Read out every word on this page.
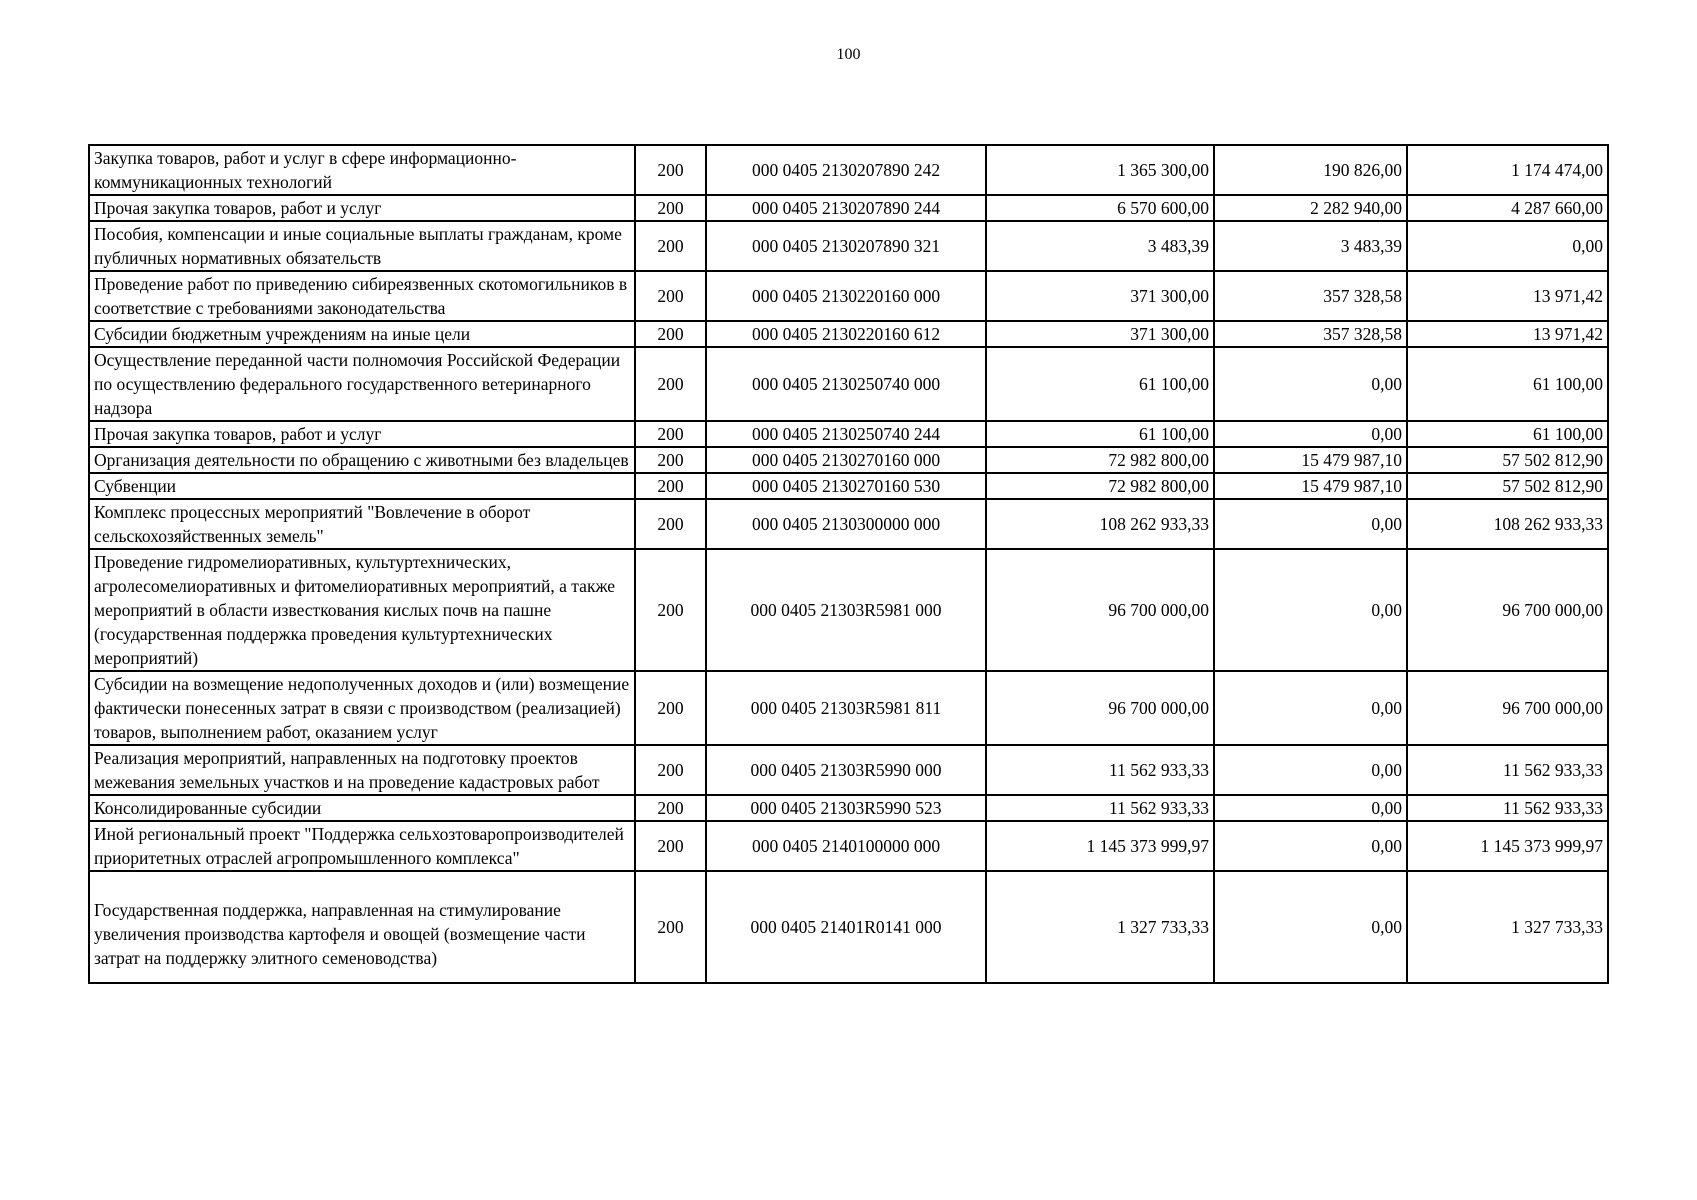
100
Закупка товаров, работ и услуг в сфере информационно-коммуникационных технологий	200	000 0405 2130207890 242	1 365 300,00	190 826,00	1 174 474,00
Прочая закупка товаров, работ и услуг	200	000 0405 2130207890 244	6 570 600,00	2 282 940,00	4 287 660,00
Пособия, компенсации и иные социальные выплаты гражданам, кроме публичных нормативных обязательств	200	000 0405 2130207890 321	3 483,39	3 483,39	0,00
Проведение работ по приведению сибиреязвенных скотомогильников в соответствие с требованиями законодательства	200	000 0405 2130220160 000	371 300,00	357 328,58	13 971,42
Субсидии бюджетным учреждениям на иные цели	200	000 0405 2130220160 612	371 300,00	357 328,58	13 971,42
Осуществление переданной части полномочия Российской Федерации по осуществлению федерального государственного ветеринарного надзора	200	000 0405 2130250740 000	61 100,00	0,00	61 100,00
Прочая закупка товаров, работ и услуг	200	000 0405 2130250740 244	61 100,00	0,00	61 100,00
Организация деятельности по обращению с животными без владельцев	200	000 0405 2130270160 000	72 982 800,00	15 479 987,10	57 502 812,90
Субвенции	200	000 0405 2130270160 530	72 982 800,00	15 479 987,10	57 502 812,90
Комплекс процессных мероприятий "Вовлечение в оборот сельскохозяйственных земель"	200	000 0405 2130300000 000	108 262 933,33	0,00	108 262 933,33
Проведение гидромелиоративных, культуртехнических, агролесомелиоративных и фитомелиоративных мероприятий, а также мероприятий в области известкования кислых почв на пашне (государственная поддержка проведения культуртехнических мероприятий)	200	000 0405 21303R5981 000	96 700 000,00	0,00	96 700 000,00
Субсидии на возмещение недополученных доходов и (или) возмещение фактически понесенных затрат в связи с производством (реализацией) товаров, выполнением работ, оказанием услуг	200	000 0405 21303R5981 811	96 700 000,00	0,00	96 700 000,00
Реализация мероприятий, направленных на подготовку проектов межевания земельных участков и на проведение кадастровых работ	200	000 0405 21303R5990 000	11 562 933,33	0,00	11 562 933,33
Консолидированные субсидии	200	000 0405 21303R5990 523	11 562 933,33	0,00	11 562 933,33
Иной региональный проект "Поддержка сельхозтоваропроизводителей приоритетных отраслей агропромышленного комплекса"	200	000 0405 2140100000 000	1 145 373 999,97	0,00	1 145 373 999,97
Государственная поддержка, направленная на стимулирование увеличения производства картофеля и овощей (возмещение части затрат на поддержку элитного семеноводства)	200	000 0405 21401R0141 000	1 327 733,33	0,00	1 327 733,33
